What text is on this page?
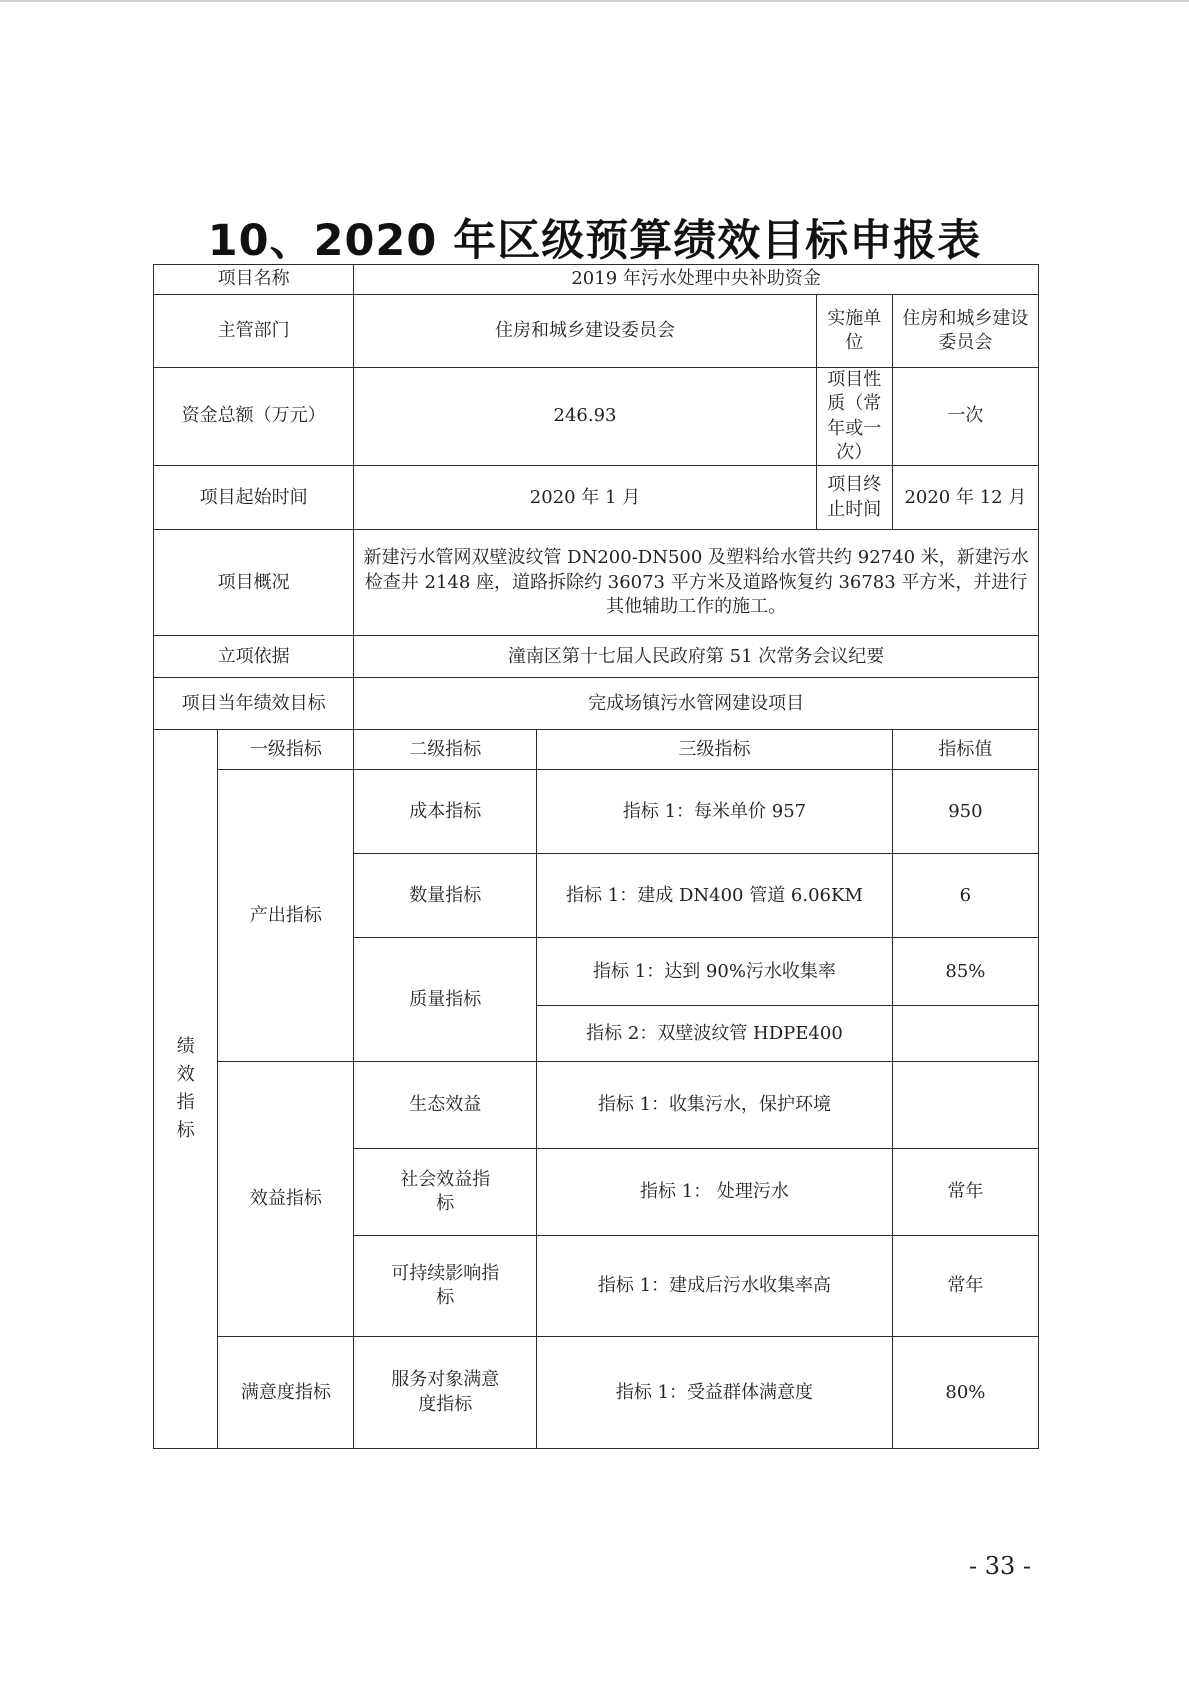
10、2020 年区级预算绩效目标申报表
项目名称		2019 年污水处理中央补助资金			
主管部门		住房和城乡建设委员会		实施单位	住房和城乡建设委员会
资金总额（万元）		246.93		项目性质（常年或一次）	一次
项目起始时间		2020 年 1 月		项目终止时间	2020 年 12 月
项目概况		新建污水管网双壁波纹管 DN200-DN500 及塑料给水管共约 92740 米，新建污水检查井 2148 座，道路拆除约 36073 平方米及道路恢复约 36783 平方米，并进行其他辅助工作的施工。			
立项依据		潼南区第十七届人民政府第 51 次常务会议纪要			
项目当年绩效目标		完成场镇污水管网建设项目			
绩效指标	一级指标	二级指标	三级指标		指标值
	产出指标	成本指标	指标 1：每米单价 957		950
		数量指标	指标 1：建成 DN400 管道 6.06KM		6
		质量指标	指标 1：达到 90%污水收集率		85%
			指标 2：双壁波纹管 HDPE400		
	效益指标	生态效益	指标 1：收集污水，保护环境		
		社会效益指标	指标 1： 处理污水		常年
		可持续影响指标	指标 1：建成后污水收集率高		常年
	满意度指标	服务对象满意度指标	指标 1：受益群体满意度		80%
- 33 -
